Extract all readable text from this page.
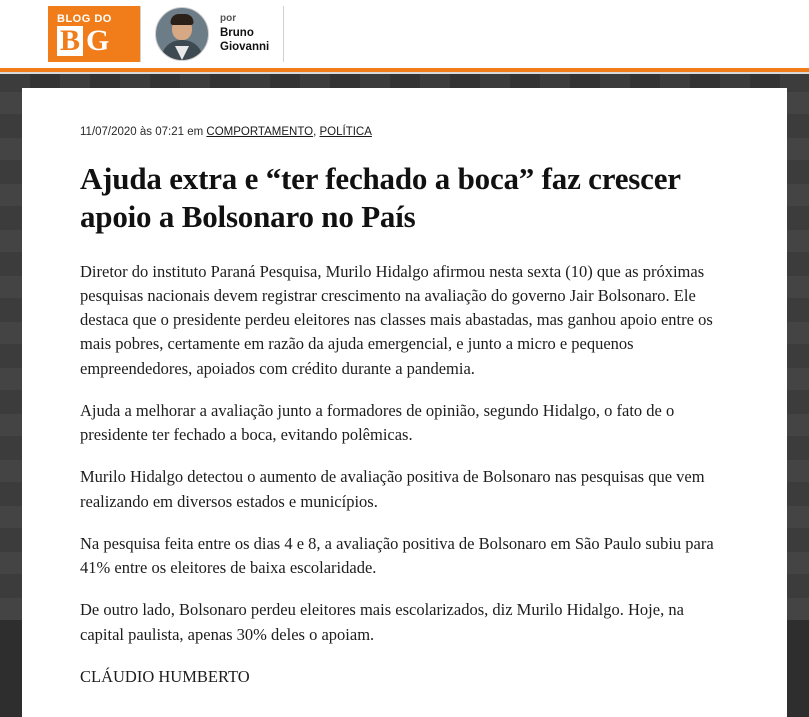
BLOG DO
B G
por
Bruno
Giovanni
11/07/2020 às 07:21 em COMPORTAMENTO, POLÍTICA
Ajuda extra e “ter fechado a boca” faz crescer apoio a Bolsonaro no País

Diretor do instituto Paraná Pesquisa, Murilo Hidalgo afirmou nesta sexta (10) que as próximas pesquisas nacionais devem registrar crescimento na avaliação do governo Jair Bolsonaro. Ele destaca que o presidente perdeu eleitores nas classes mais abastadas, mas ganhou apoio entre os mais pobres, certamente em razão da ajuda emergencial, e junto a micro e pequenos empreendedores, apoiados com crédito durante a pandemia.

Ajuda a melhorar a avaliação junto a formadores de opinião, segundo Hidalgo, o fato de o presidente ter fechado a boca, evitando polêmicas.

Murilo Hidalgo detectou o aumento de avaliação positiva de Bolsonaro nas pesquisas que vem realizando em diversos estados e municípios.

Na pesquisa feita entre os dias 4 e 8, a avaliação positiva de Bolsonaro em São Paulo subiu para 41% entre os eleitores de baixa escolaridade.

De outro lado, Bolsonaro perdeu eleitores mais escolarizados, diz Murilo Hidalgo. Hoje, na capital paulista, apenas 30% deles o apoiam.

CLÁUDIO HUMBERTO
